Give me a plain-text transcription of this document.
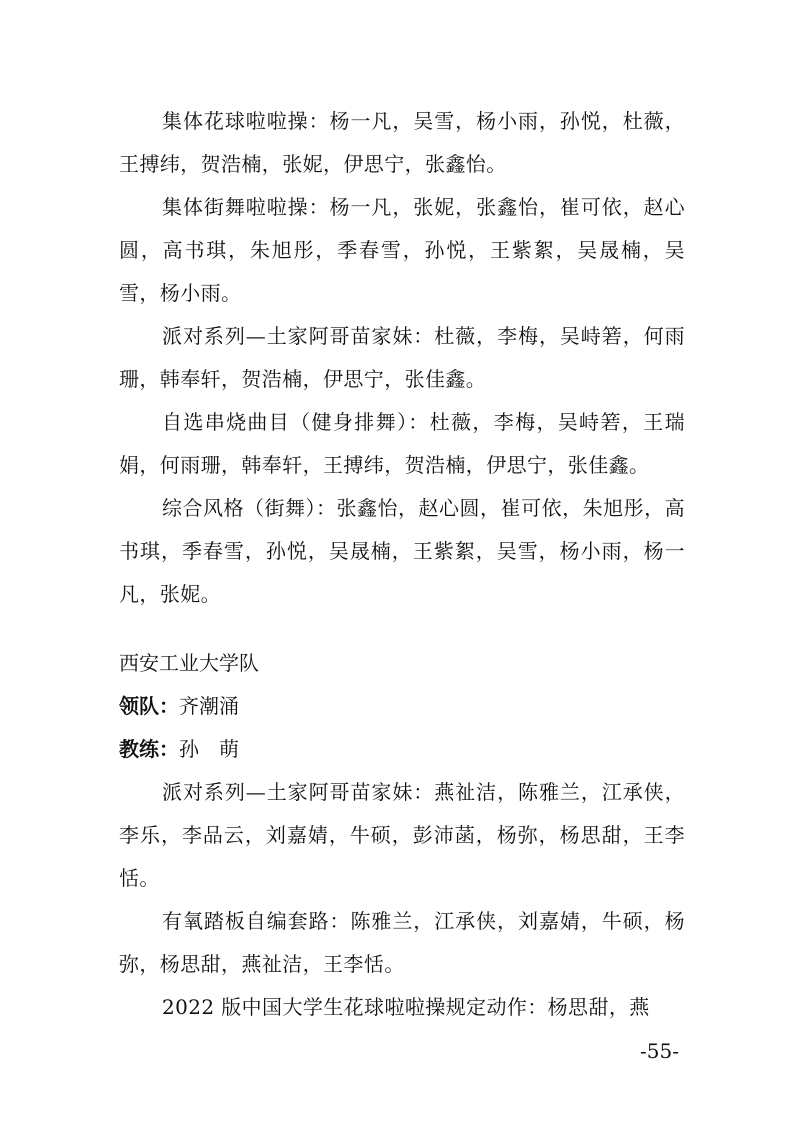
集体花球啦啦操：杨一凡，吴雪，杨小雨，孙悦，杜薇，王搏纬，贺浩楠，张妮，伊思宁，张鑫怡。

集体街舞啦啦操：杨一凡，张妮，张鑫怡，崔可依，赵心圆，高书琪，朱旭彤，季春雪，孙悦，王紫絮，吴晟楠，吴雪，杨小雨。

派对系列—土家阿哥苗家妹：杜薇，李梅，吴峙箬，何雨珊，韩奉轩，贺浩楠，伊思宁，张佳鑫。

自选串烧曲目（健身排舞）：杜薇，李梅，吴峙箬，王瑞娟，何雨珊，韩奉轩，王搏纬，贺浩楠，伊思宁，张佳鑫。

综合风格（街舞）：张鑫怡，赵心圆，崔可依，朱旭彤，高书琪，季春雪，孙悦，吴晟楠，王紫絮，吴雪，杨小雨，杨一凡，张妮。

西安工业大学队

领队：齐潮涌

教练：孙　萌

派对系列—土家阿哥苗家妹：燕祉洁，陈雅兰，江承侠，李乐，李品云，刘嘉婧，牛硕，彭沛菡，杨弥，杨思甜，王李恬。

有氧踏板自编套路：陈雅兰，江承侠，刘嘉婧，牛硕，杨弥，杨思甜，燕祉洁，王李恬。

2022 版中国大学生花球啦啦操规定动作：杨思甜，燕

-55-
